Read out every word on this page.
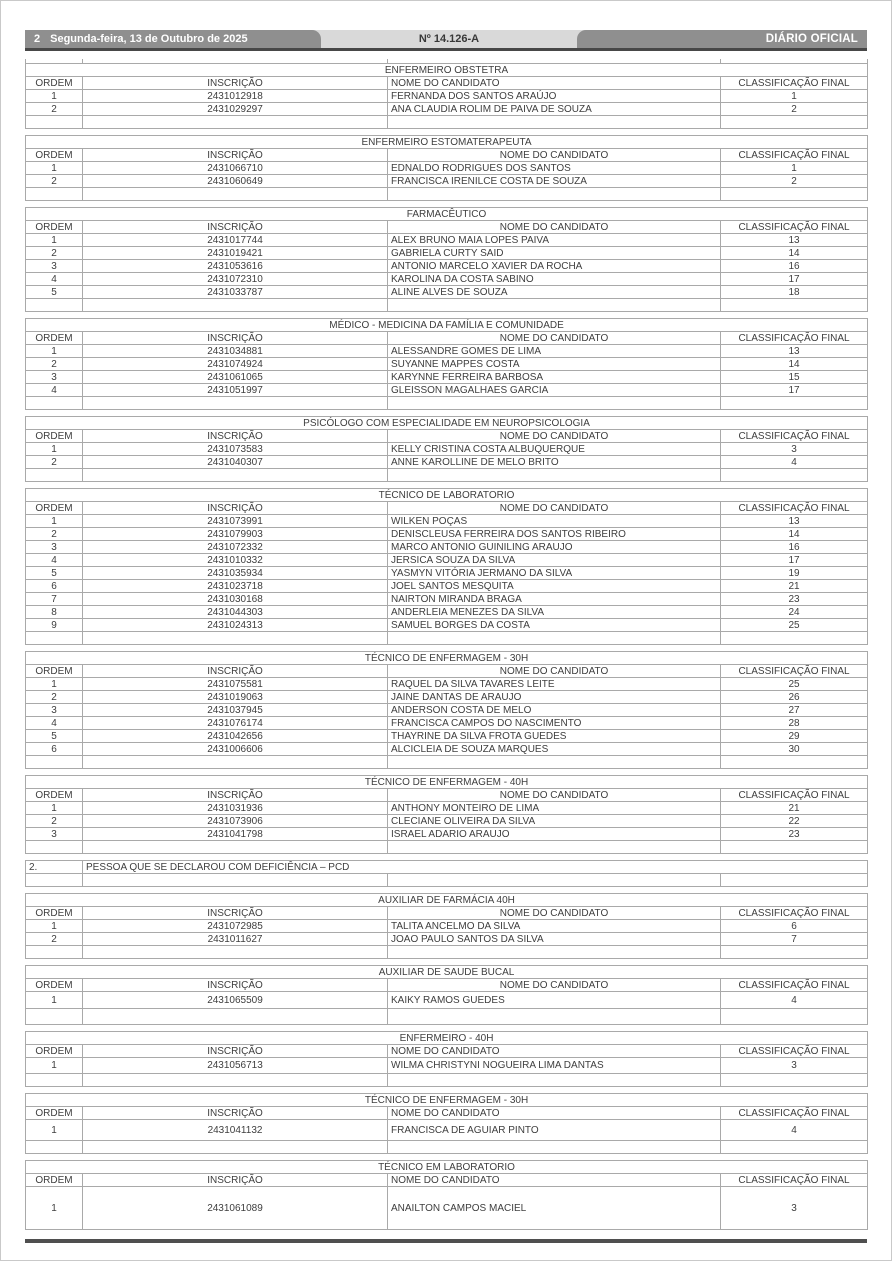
2 Segunda-feira, 13 de Outubro de 2025	Nº 14.126-A	DIÁRIO OFICIAL

ENFERMEIRO OBSTETRA			
ORDEM	INSCRIÇÃO	NOME DO CANDIDATO	CLASSIFICAÇÃO FINAL
1	2431012918	FERNANDA DOS SANTOS ARAÚJO	1
2	2431029297	ANA CLAUDIA ROLIM DE PAIVA DE SOUZA	2

ENFERMEIRO ESTOMATERAPEUTA			
ORDEM	INSCRIÇÃO	NOME DO CANDIDATO	CLASSIFICAÇÃO FINAL
1	2431066710	EDNALDO RODRIGUES DOS SANTOS	1
2	2431060649	FRANCISCA IRENILCE COSTA DE SOUZA	2

FARMACÊUTICO			
ORDEM	INSCRIÇÃO	NOME DO CANDIDATO	CLASSIFICAÇÃO FINAL
1	2431017744	ALEX BRUNO MAIA LOPES PAIVA	13
2	2431019421	GABRIELA CURTY SAID	14
3	2431053616	ANTONIO MARCELO XAVIER DA ROCHA	16
4	2431072310	KAROLINA DA COSTA SABINO	17
5	2431033787	ALINE ALVES DE SOUZA	18

MÉDICO - MEDICINA DA FAMÍLIA E COMUNIDADE			
ORDEM	INSCRIÇÃO	NOME DO CANDIDATO	CLASSIFICAÇÃO FINAL
1	2431034881	ALESSANDRE GOMES DE LIMA	13
2	2431074924	SUYANNE MAPPES COSTA	14
3	2431061065	KARYNNE FERREIRA BARBOSA	15
4	2431051997	GLEISSON MAGALHAES GARCIA	17

PSICÓLOGO COM ESPECIALIDADE EM NEUROPSICOLOGIA			
ORDEM	INSCRIÇÃO	NOME DO CANDIDATO	CLASSIFICAÇÃO FINAL
1	2431073583	KELLY CRISTINA COSTA ALBUQUERQUE	3
2	2431040307	ANNE KAROLLINE DE MELO BRITO	4

TÉCNICO DE LABORATORIO			
ORDEM	INSCRIÇÃO	NOME DO CANDIDATO	CLASSIFICAÇÃO FINAL
1	2431073991	WILKEN POÇAS	13
2	2431079903	DENISCLEUSA FERREIRA DOS SANTOS RIBEIRO	14
3	2431072332	MARCO ANTONIO GUINILING ARAUJO	16
4	2431010332	JERSICA SOUZA DA SILVA	17
5	2431035934	YASMYN VITÓRIA JERMANO DA SILVA	19
6	2431023718	JOEL SANTOS MESQUITA	21
7	2431030168	NAIRTON MIRANDA BRAGA	23
8	2431044303	ANDERLEIA MENEZES DA SILVA	24
9	2431024313	SAMUEL BORGES DA COSTA	25

TÉCNICO DE ENFERMAGEM - 30H			
ORDEM	INSCRIÇÃO	NOME DO CANDIDATO	CLASSIFICAÇÃO FINAL
1	2431075581	RAQUEL DA SILVA TAVARES LEITE	25
2	2431019063	JAINE DANTAS DE ARAUJO	26
3	2431037945	ANDERSON COSTA DE MELO	27
4	2431076174	FRANCISCA CAMPOS DO NASCIMENTO	28
5	2431042656	THAYRINE DA SILVA FROTA GUEDES	29
6	2431006606	ALCICLEIA DE SOUZA MARQUES	30

TÉCNICO DE ENFERMAGEM - 40H			
ORDEM	INSCRIÇÃO	NOME DO CANDIDATO	CLASSIFICAÇÃO FINAL
1	2431031936	ANTHONY MONTEIRO DE LIMA	21
2	2431073906	CLECIANE OLIVEIRA DA SILVA	22
3	2431041798	ISRAEL ADARIO ARAUJO	23

2.	PESSOA QUE SE DECLAROU COM DEFICIÊNCIA – PCD		

AUXILIAR DE FARMÁCIA 40H			
ORDEM	INSCRIÇÃO	NOME DO CANDIDATO	CLASSIFICAÇÃO FINAL
1	2431072985	TALITA ANCELMO DA SILVA	6
2	2431011627	JOAO PAULO SANTOS DA SILVA	7

AUXILIAR DE SAUDE BUCAL			
ORDEM	INSCRIÇÃO	NOME DO CANDIDATO	CLASSIFICAÇÃO FINAL
1	2431065509	KAIKY RAMOS GUEDES	4

ENFERMEIRO - 40H			
ORDEM	INSCRIÇÃO	NOME DO CANDIDATO	CLASSIFICAÇÃO FINAL
1	2431056713	WILMA CHRISTYNI NOGUEIRA LIMA DANTAS	3

TÉCNICO DE ENFERMAGEM - 30H			
ORDEM	INSCRIÇÃO	NOME DO CANDIDATO	CLASSIFICAÇÃO FINAL
1	2431041132	FRANCISCA DE AGUIAR PINTO	4

TÉCNICO EM LABORATORIO			
ORDEM	INSCRIÇÃO	NOME DO CANDIDATO	CLASSIFICAÇÃO FINAL
1	2431061089	ANAILTON CAMPOS MACIEL	3
